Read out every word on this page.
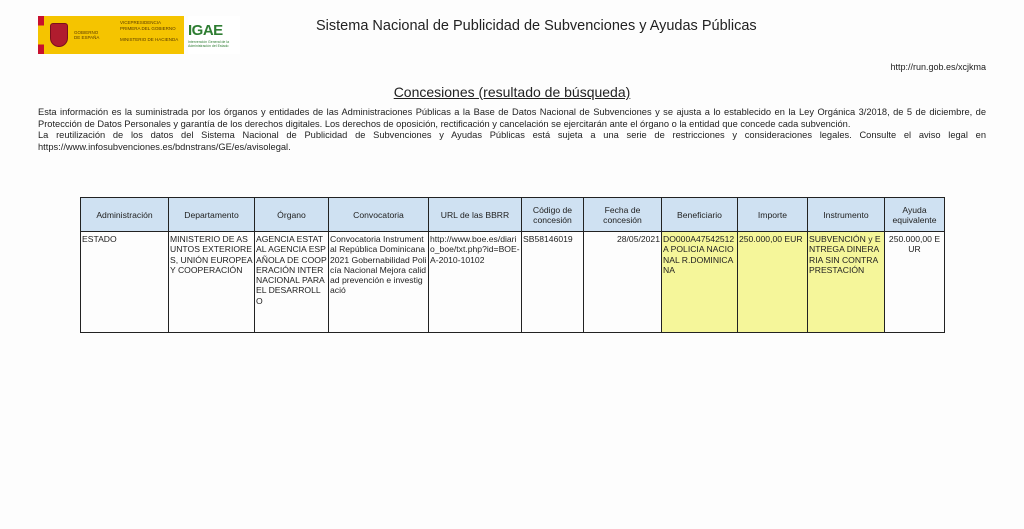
GOBIERNO
DE ESPAÑA
VICEPRESIDENCIA PRIMERA DEL GOBIERNO
MINISTERIO DE HACIENDA
IGAE
Intervención General de la Administración del Estado
Sistema Nacional de Publicidad de Subvenciones y Ayudas Públicas
http://run.gob.es/xcjkma
Concesiones (resultado de búsqueda)

Esta información es la suministrada por los órganos y entidades de las Administraciones Públicas a la Base de Datos Nacional de Subvenciones y se ajusta a lo establecido en la Ley Orgánica 3/2018, de 5 de diciembre, de Protección de Datos Personales y garantía de los derechos digitales. Los derechos de oposición, rectificación y cancelación se ejercitarán ante el órgano o la entidad que concede cada subvención.

La reutilización de los datos del Sistema Nacional de Publicidad de Subvenciones y Ayudas Públicas está sujeta a una serie de restricciones y consideraciones legales. Consulte el aviso legal en https://www.infosubvenciones.es/bdnstrans/GE/es/avisolegal.

Administración	Departamento	Órgano	Convocatoria	URL de las BBRR	Código de concesión	Fecha de concesión	Beneficiario	Importe	Instrumento	Ayuda equivalente
ESTADO	MINISTERIO DE ASUNTOS EXTERIORES, UNIÓN EUROPEA Y COOPERACIÓN	AGENCIA ESTATAL AGENCIA ESPAÑOLA DE COOPERACIÓN INTERNACIONAL PARA EL DESARROLLO	Convocatoria Instrumental República Dominicana 2021 Gobernabilidad Policía Nacional Mejora calidad prevención e investigació	http://www.boe.es/diario_boe/txt.php?id=BOE-A-2010-10102	SB58146019	28/05/2021	DO000A47542512A POLICIA NACIONAL R.DOMINICANA	250.000,00 EUR	SUBVENCIÓN y ENTREGA DINERARIA SIN CONTRAPRESTACIÓN	250.000,00 EUR
